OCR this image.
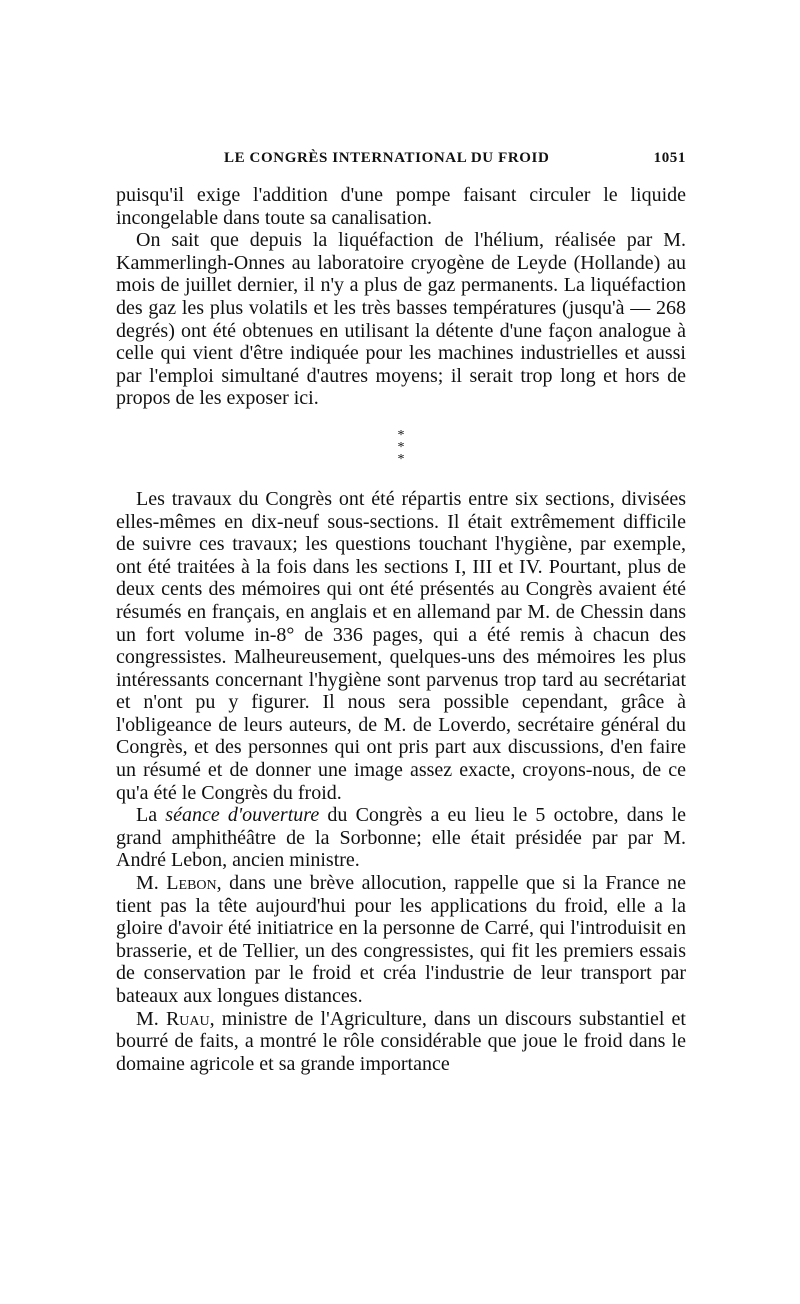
LE CONGRÈS INTERNATIONAL DU FROID	1051

puisqu'il exige l'addition d'une pompe faisant circuler le liquide incongelable dans toute sa canalisation.

On sait que depuis la liquéfaction de l'hélium, réalisée par M. Kammerlingh-Onnes au laboratoire cryogène de Leyde (Hollande) au mois de juillet dernier, il n'y a plus de gaz permanents. La liquéfaction des gaz les plus volatils et les très basses températures (jusqu'à — 268 degrés) ont été obtenues en utilisant la détente d'une façon analogue à celle qui vient d'être indiquée pour les machines industrielles et aussi par l'emploi simultané d'autres moyens; il serait trop long et hors de propos de les exposer ici.

*
* *

Les travaux du Congrès ont été répartis entre six sections, divisées elles-mêmes en dix-neuf sous-sections. Il était extrêmement difficile de suivre ces travaux; les questions touchant l'hygiène, par exemple, ont été traitées à la fois dans les sections I, III et IV. Pourtant, plus de deux cents des mémoires qui ont été présentés au Congrès avaient été résumés en français, en anglais et en allemand par M. de Chessin dans un fort volume in-8° de 336 pages, qui a été remis à chacun des congressistes. Malheureusement, quelques-uns des mémoires les plus intéressants concernant l'hygiène sont parvenus trop tard au secrétariat et n'ont pu y figurer. Il nous sera possible cependant, grâce à l'obligeance de leurs auteurs, de M. de Loverdo, secrétaire général du Congrès, et des personnes qui ont pris part aux discussions, d'en faire un résumé et de donner une image assez exacte, croyons-nous, de ce qu'a été le Congrès du froid.

La séance d'ouverture du Congrès a eu lieu le 5 octobre, dans le grand amphithéâtre de la Sorbonne; elle était présidée par par M. André Lebon, ancien ministre.

M. Lebon, dans une brève allocution, rappelle que si la France ne tient pas la tête aujourd'hui pour les applications du froid, elle a la gloire d'avoir été initiatrice en la personne de Carré, qui l'introduisit en brasserie, et de Tellier, un des congressistes, qui fit les premiers essais de conservation par le froid et créa l'industrie de leur transport par bateaux aux longues distances.

M. Ruau, ministre de l'Agriculture, dans un discours substantiel et bourré de faits, a montré le rôle considérable que joue le froid dans le domaine agricole et sa grande importance
